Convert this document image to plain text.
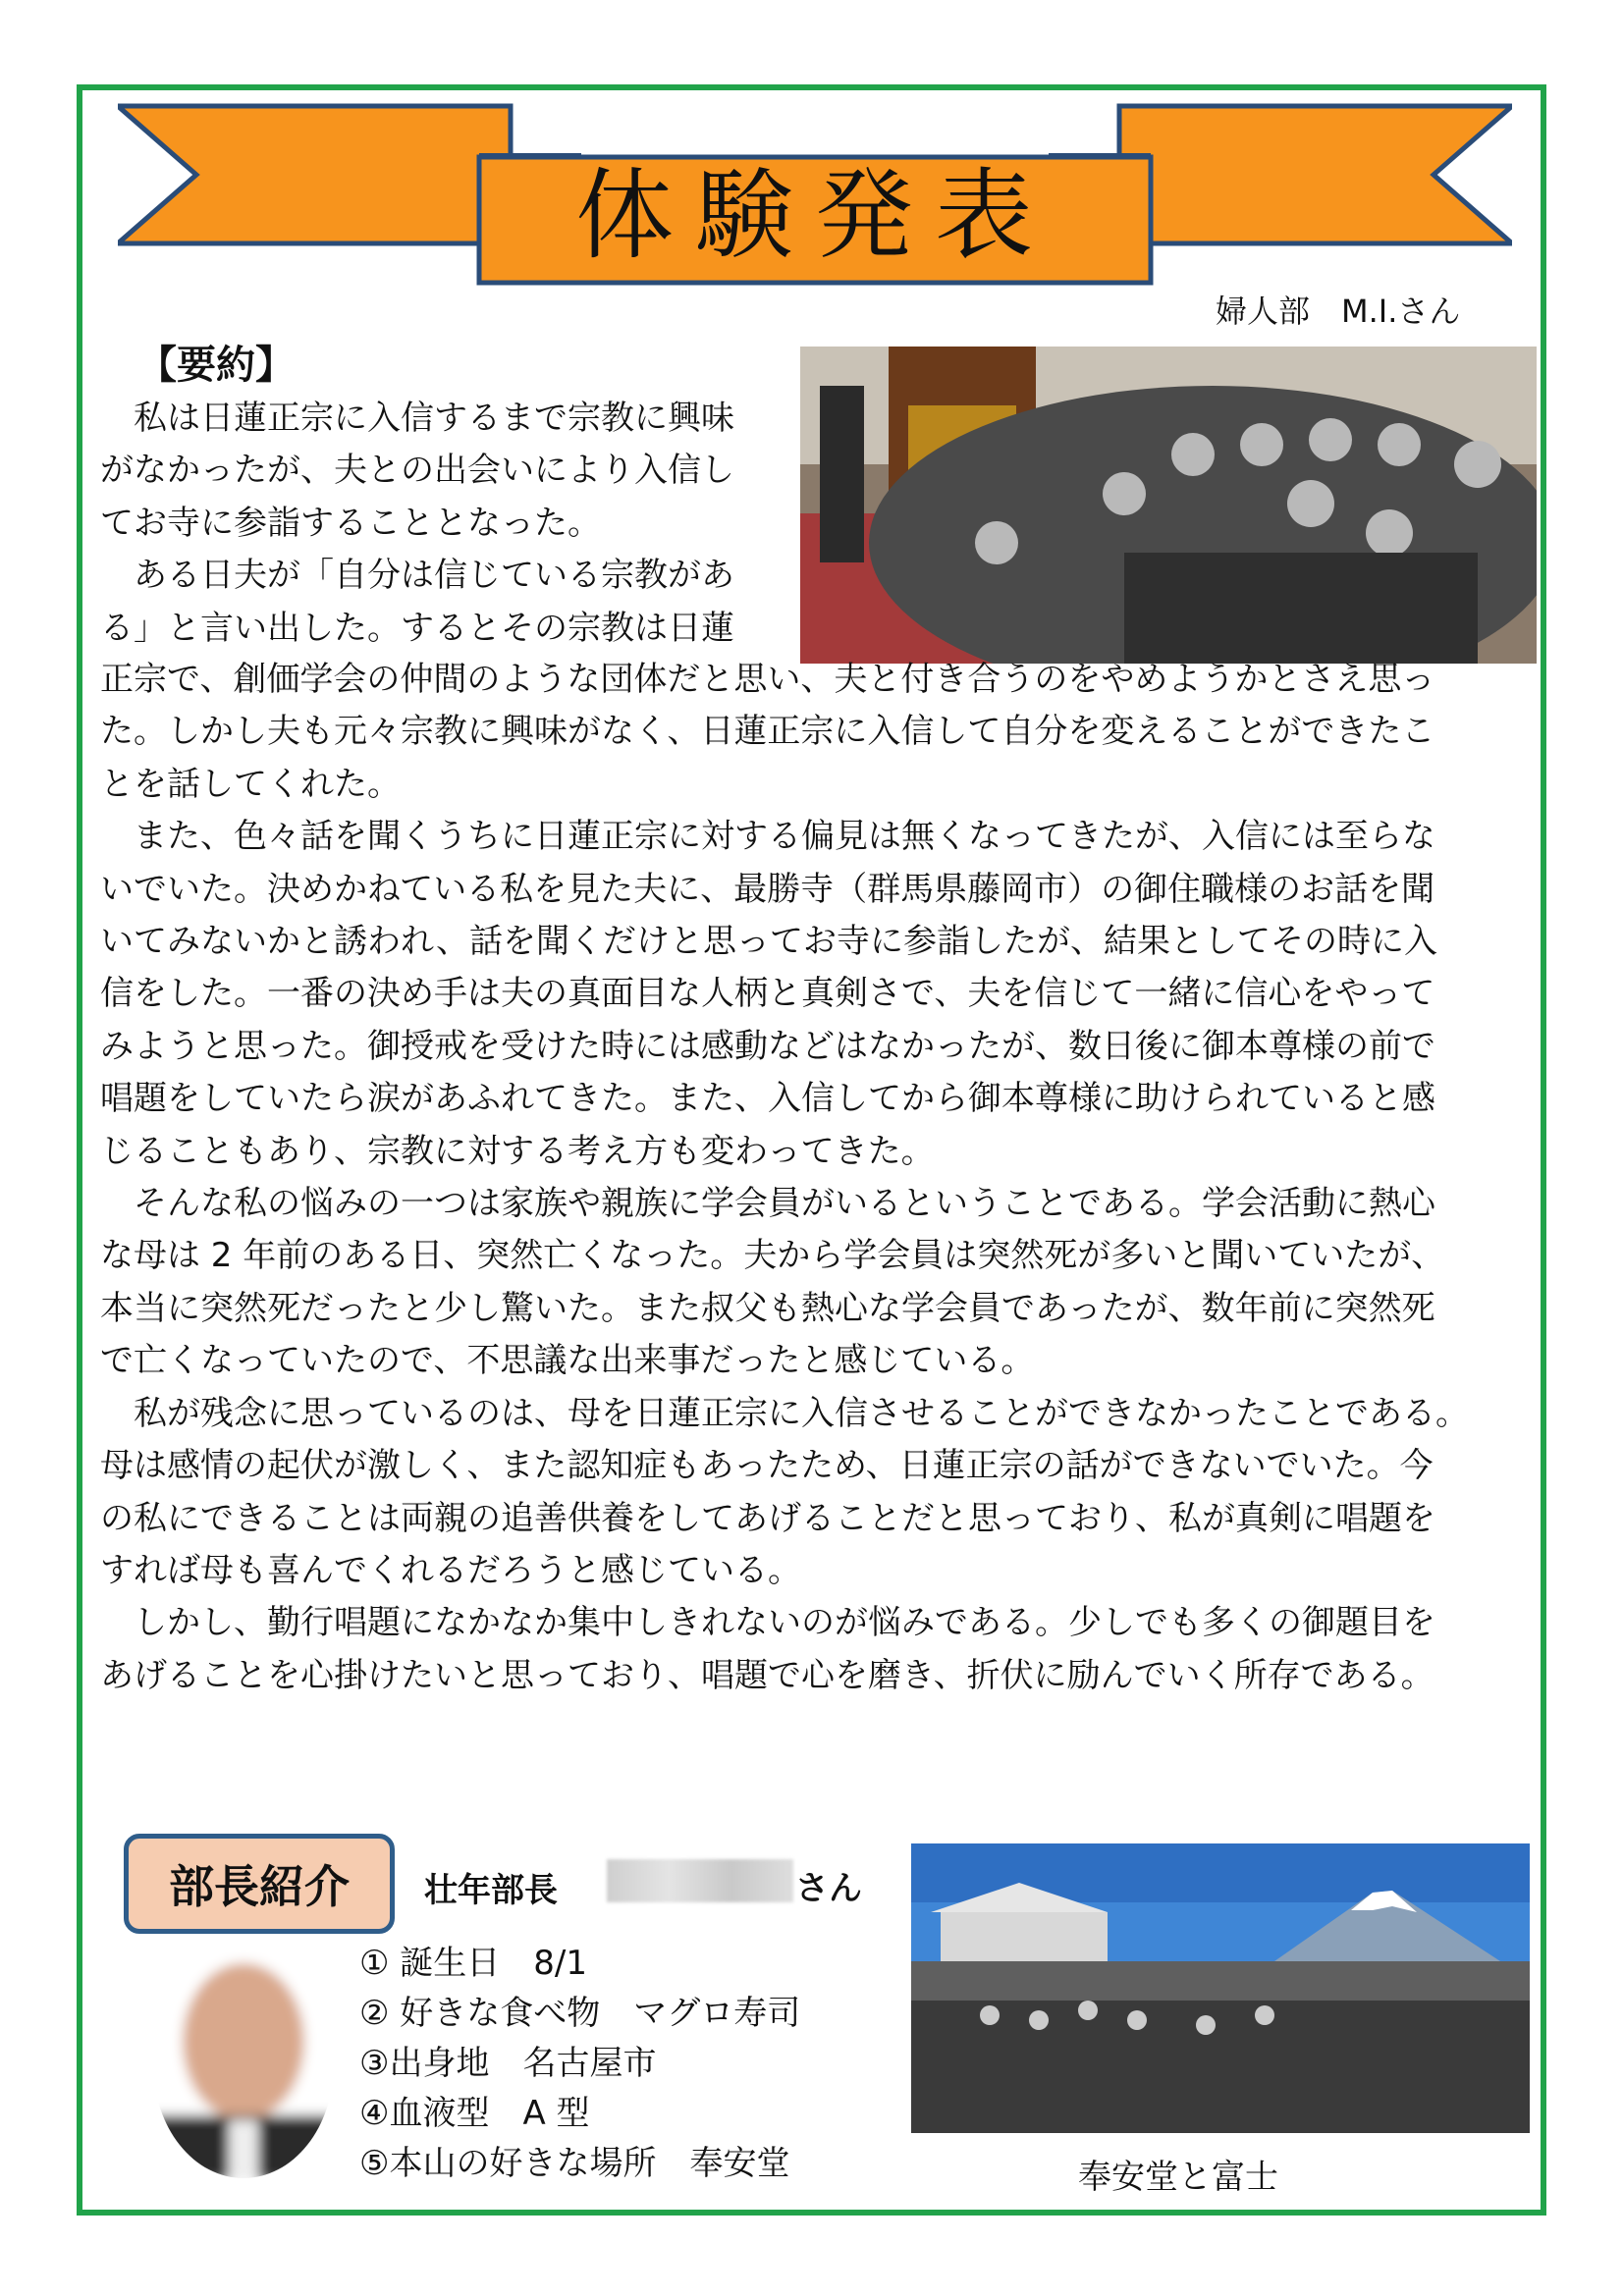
体験発表
婦人部　M.I.さん
【要約】

　私は日蓮正宗に入信するまで宗教に興味

がなかったが、夫との出会いにより入信し

てお寺に参詣することとなった。

　ある日夫が「自分は信じている宗教があ

る」と言い出した。するとその宗教は日蓮

正宗で、創価学会の仲間のような団体だと思い、夫と付き合うのをやめようかとさえ思っ

た。しかし夫も元々宗教に興味がなく、日蓮正宗に入信して自分を変えることができたこ

とを話してくれた。

　また、色々話を聞くうちに日蓮正宗に対する偏見は無くなってきたが、入信には至らな

いでいた。決めかねている私を見た夫に、最勝寺（群馬県藤岡市）の御住職様のお話を聞

いてみないかと誘われ、話を聞くだけと思ってお寺に参詣したが、結果としてその時に入

信をした。一番の決め手は夫の真面目な人柄と真剣さで、夫を信じて一緒に信心をやって

みようと思った。御授戒を受けた時には感動などはなかったが、数日後に御本尊様の前で

唱題をしていたら涙があふれてきた。また、入信してから御本尊様に助けられていると感

じることもあり、宗教に対する考え方も変わってきた。

　そんな私の悩みの一つは家族や親族に学会員がいるということである。学会活動に熱心

な母は 2 年前のある日、突然亡くなった。夫から学会員は突然死が多いと聞いていたが、

本当に突然死だったと少し驚いた。また叔父も熱心な学会員であったが、数年前に突然死

で亡くなっていたので、不思議な出来事だったと感じている。

　私が残念に思っているのは、母を日蓮正宗に入信させることができなかったことである。

母は感情の起伏が激しく、また認知症もあったため、日蓮正宗の話ができないでいた。今

の私にできることは両親の追善供養をしてあげることだと思っており、私が真剣に唱題を

すれば母も喜んでくれるだろうと感じている。

　しかし、勤行唱題になかなか集中しきれないのが悩みである。少しでも多くの御題目を

あげることを心掛けたいと思っており、唱題で心を磨き、折伏に励んでいく所存である。

部長紹介	壮年部長	さん
① 誕生日　8/1
② 好きな食べ物　マグロ寿司
③出身地　名古屋市
④血液型　A 型
⑤本山の好きな場所　奉安堂	奉安堂と富士
